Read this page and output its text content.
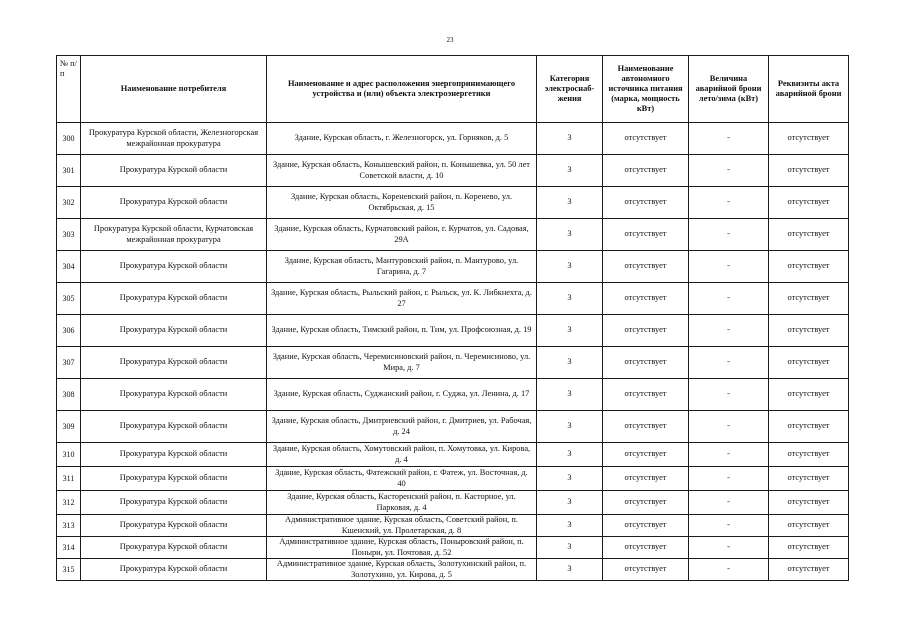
23
№ п/п	Наименование потребителя	Наименование и адрес расположения энергопринимающего устройства и (или) объекта электроэнергетики	Категория электроснаб-жения	Наименование автономного источника питания (марка, мощность кВт)	Величина аварийной брони лето/зима (кВт)	Реквизиты акта аварийной брони
300	Прокуратура Курской области, Железногорская межрайонная прокуратура	Здание, Курская область, г. Железногорск, ул. Горняков, д. 5	3	отсутствует	-	отсутствует
301	Прокуратура Курской области	Здание, Курская область, Конышевский район, п. Конышевка, ул. 50 лет Советской власти, д. 10	3	отсутствует	-	отсутствует
302	Прокуратура Курской области	Здание, Курская область, Кореневский район, п. Коренево, ул. Октябрьская, д. 15	3	отсутствует	-	отсутствует
303	Прокуратура Курской области, Курчатовская межрайонная прокуратура	Здание, Курская область, Курчатовский район, г. Курчатов, ул. Садовая, 29А	3	отсутствует	-	отсутствует
304	Прокуратура Курской области	Здание, Курская область, Мантуровский район, п. Мантурово, ул. Гагарина, д. 7	3	отсутствует	-	отсутствует
305	Прокуратура Курской области	Здание, Курская область, Рыльский район, г. Рыльск, ул. К. Либкнехта, д. 27	3	отсутствует	-	отсутствует
306	Прокуратура Курской области	Здание, Курская область, Тимский район, п. Тим, ул. Профсоюзная, д. 19	3	отсутствует	-	отсутствует
307	Прокуратура Курской области	Здание, Курская область, Черемисиновский район, п. Черемисиново, ул. Мира, д. 7	3	отсутствует	-	отсутствует
308	Прокуратура Курской области	Здание, Курская область, Суджанский район, г. Суджа, ул. Ленина, д. 17	3	отсутствует	-	отсутствует
309	Прокуратура Курской области	Здание, Курская область, Дмитриевский район, г. Дмитриев, ул. Рабочая, д. 24	3	отсутствует	-	отсутствует
310	Прокуратура Курской области	Здание, Курская область, Хомутовский район, п. Хомутовка, ул. Кирова, д. 4	3	отсутствует	-	отсутствует
311	Прокуратура Курской области	Здание, Курская область, Фатежский район, г. Фатеж, ул. Восточная, д. 40	3	отсутствует	-	отсутствует
312	Прокуратура Курской области	Здание, Курская область, Касторенский район, п. Касторное, ул. Парковая, д. 4	3	отсутствует	-	отсутствует
313	Прокуратура Курской области	Административное здание, Курская область, Советский район, п. Кшенский, ул. Пролетарская, д. 8	3	отсутствует	-	отсутствует
314	Прокуратура Курской области	Административное здание, Курская область, Поныровский район, п. Поныри, ул. Почтовая, д. 52	3	отсутствует	-	отсутствует
315	Прокуратура Курской области	Административное здание, Курская область, Золотухинский район, п. Золотухино, ул. Кирова, д. 5	3	отсутствует	-	отсутствует
